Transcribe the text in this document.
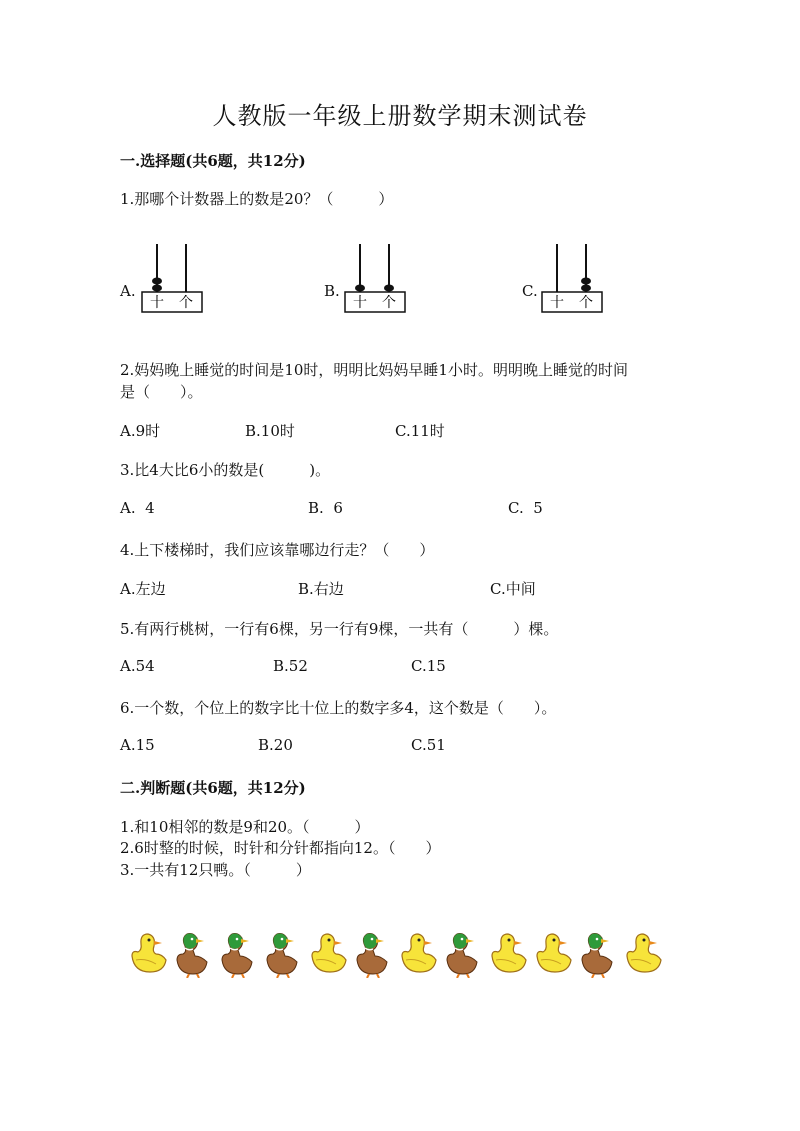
人教版一年级上册数学期末测试卷
一.选择题(共6题，共12分)
1.那哪个计数器上的数是20？（　　　）
A.
十 个
B.
十 个
C.
十 个
2.妈妈晚上睡觉的时间是10时，明明比妈妈早睡1小时。明明晚上睡觉的时间
是（　　）。
A.9时	B.10时	C.11时
3.比4大比6小的数是(　　　)。
A.  4	B.  6	C.  5
4.上下楼梯时，我们应该靠哪边行走？（　　）
A.左边	B.右边	C.中间
5.有两行桃树，一行有6棵，另一行有9棵，一共有（　　　）棵。
A.54	B.52	C.15
6.一个数，个位上的数字比十位上的数字多4，这个数是（　　）。
A.15	B.20	C.51
二.判断题(共6题，共12分)
1.和10相邻的数是9和20。（　　　）
2.6时整的时候，时针和分针都指向12。（　　）
3.一共有12只鸭。（　　　）
